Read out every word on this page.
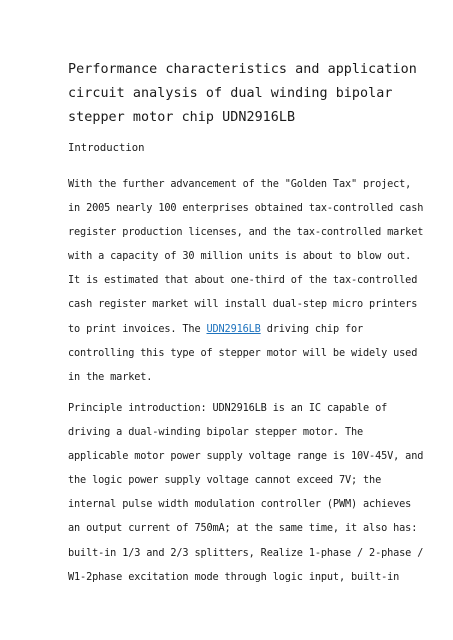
Performance characteristics and application
circuit analysis of dual winding bipolar
stepper motor chip UDN2916LB
Introduction

With the further advancement of the "Golden Tax" project,
in 2005 nearly 100 enterprises obtained tax-controlled cash
register production licenses, and the tax-controlled market
with a capacity of 30 million units is about to blow out.
It is estimated that about one-third of the tax-controlled
cash register market will install dual-step micro printers
to print invoices. The UDN2916LB driving chip for
controlling this type of stepper motor will be widely used
in the market.

Principle introduction: UDN2916LB is an IC capable of
driving a dual-winding bipolar stepper motor. The
applicable motor power supply voltage range is 10V-45V, and
the logic power supply voltage cannot exceed 7V; the
internal pulse width modulation controller (PWM) achieves
an output current of 750mA; at the same time, it also has:
built-in 1/3 and 2/3 splitters, Realize 1-phase / 2-phase /
W1-2phase excitation mode through logic input, built-in
